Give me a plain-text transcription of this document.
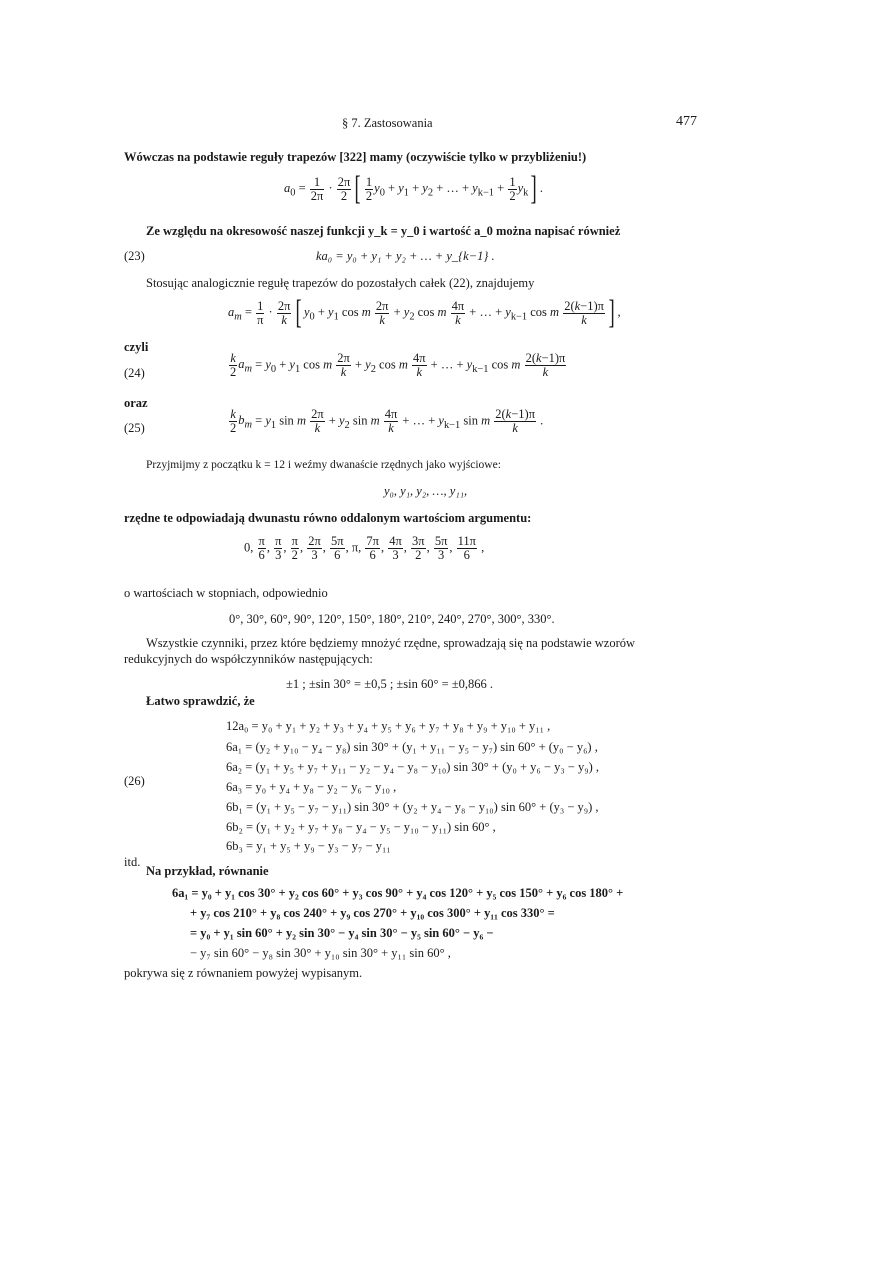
§ 7. Zastosowania	477
Wówczas na podstawie reguły trapezów [322] mamy (oczywiście tylko w przybliżeniu!)
$a_0 = \frac{1}{2\pi} \cdot \frac{2\pi}{2}$ [ $\frac{1}{2} y_0 + y_1 + y_2$ + … + $y_{k-1} + \frac{1}{2} y_k$ ] .
Ze względu na okresowość naszej funkcji y_k = y_0 i wartość a_0 można napisać również
(23)	ka₀ = y₀ + y₁ + y₂ + … + y_{k−1} .
Stosując analogicznie regułę trapezów do pozostałych całek (22), znajdujemy
$a_m = \frac{1}{\pi} \cdot \frac{2\pi}{k}$ [ $y_0 + y_1$ cos m $\frac{2\pi}{k} + y_2$ cos m $\frac{4\pi}{k}$ + … + $y_{k-1}$ cos m $\frac{2(k-1)\pi}{k}$ ] ,
czyli
(24)	$\frac{k}{2} a_m = y_0 + y_1$ cos m $\frac{2\pi}{k} + y_2$ cos m $\frac{4\pi}{k}$ + … + $y_{k-1}$ cos m $\frac{2(k-1)\pi}{k}$
oraz
(25)	$\frac{k}{2} b_m = y_1$ sin m $\frac{2\pi}{k} + y_2$ sin m $\frac{4\pi}{k}$ + … + $y_{k-1}$ sin m $\frac{2(k-1)\pi}{k}$ .
Przyjmijmy z początku k = 12 i weźmy dwanaście rzędnych jako wyjściowe:
y₀, y₁, y₂, …, y₁₁,
rzędne te odpowiadają dwunastu równo oddalonym wartościom argumentu:
0, $\frac{\pi}{6}$ , $\frac{\pi}{3}$ , $\frac{\pi}{2}$ , $\frac{2\pi}{3}$ , $\frac{5\pi}{6}$ , π, $\frac{7\pi}{6}$ , $\frac{4\pi}{3}$ , $\frac{3\pi}{2}$ , $\frac{5\pi}{3}$ , $\frac{11\pi}{6}$ ,
o wartościach w stopniach, odpowiednio
0°, 30°, 60°, 90°, 120°, 150°, 180°, 210°, 240°, 270°, 300°, 330°.
Wszystkie czynniki, przez które będziemy mnożyć rzędne, sprowadzają się na podstawie wzorów
redukcyjnych do współczynników następujących:
±1 ; ±sin 30° = ±0,5 ; ±sin 60° = ±0,866 .
Łatwo sprawdzić, że
(26)
12a₀ = y₀ + y₁ + y₂ + y₃ + y₄ + y₅ + y₆ + y₇ + y₈ + y₉ + y₁₀ + y₁₁ ,
6a₁ = (y₂ + y₁₀ − y₄ − y₈) sin 30° + (y₁ + y₁₁ − y₅ − y₇) sin 60° + (y₀ − y₆) ,
6a₂ = (y₁ + y₅ + y₇ + y₁₁ − y₂ − y₄ − y₈ − y₁₀) sin 30° + (y₀ + y₆ − y₃ − y₉) ,
6a₃ = y₀ + y₄ + y₈ − y₂ − y₆ − y₁₀ ,
6b₁ = (y₁ + y₅ − y₇ − y₁₁) sin 30° + (y₂ + y₄ − y₈ − y₁₀) sin 60° + (y₃ − y₉) ,
6b₂ = (y₁ + y₂ + y₇ + y₈ − y₄ − y₅ − y₁₀ − y₁₁) sin 60° ,
6b₃ = y₁ + y₅ + y₉ − y₃ − y₇ − y₁₁
itd.
Na przykład, równanie
6a₁ = y₀ + y₁ cos 30° + y₂ cos 60° + y₃ cos 90° + y₄ cos 120° + y₅ cos 150° + y₆ cos 180° +
+ y₇ cos 210° + y₈ cos 240° + y₉ cos 270° + y₁₀ cos 300° + y₁₁ cos 330° =
= y₀ + y₁ sin 60° + y₂ sin 30° − y₄ sin 30° − y₅ sin 60° − y₆ −
− y₇ sin 60° − y₈ sin 30° + y₁₀ sin 30° + y₁₁ sin 60° ,
pokrywa się z równaniem powyżej wypisanym.
